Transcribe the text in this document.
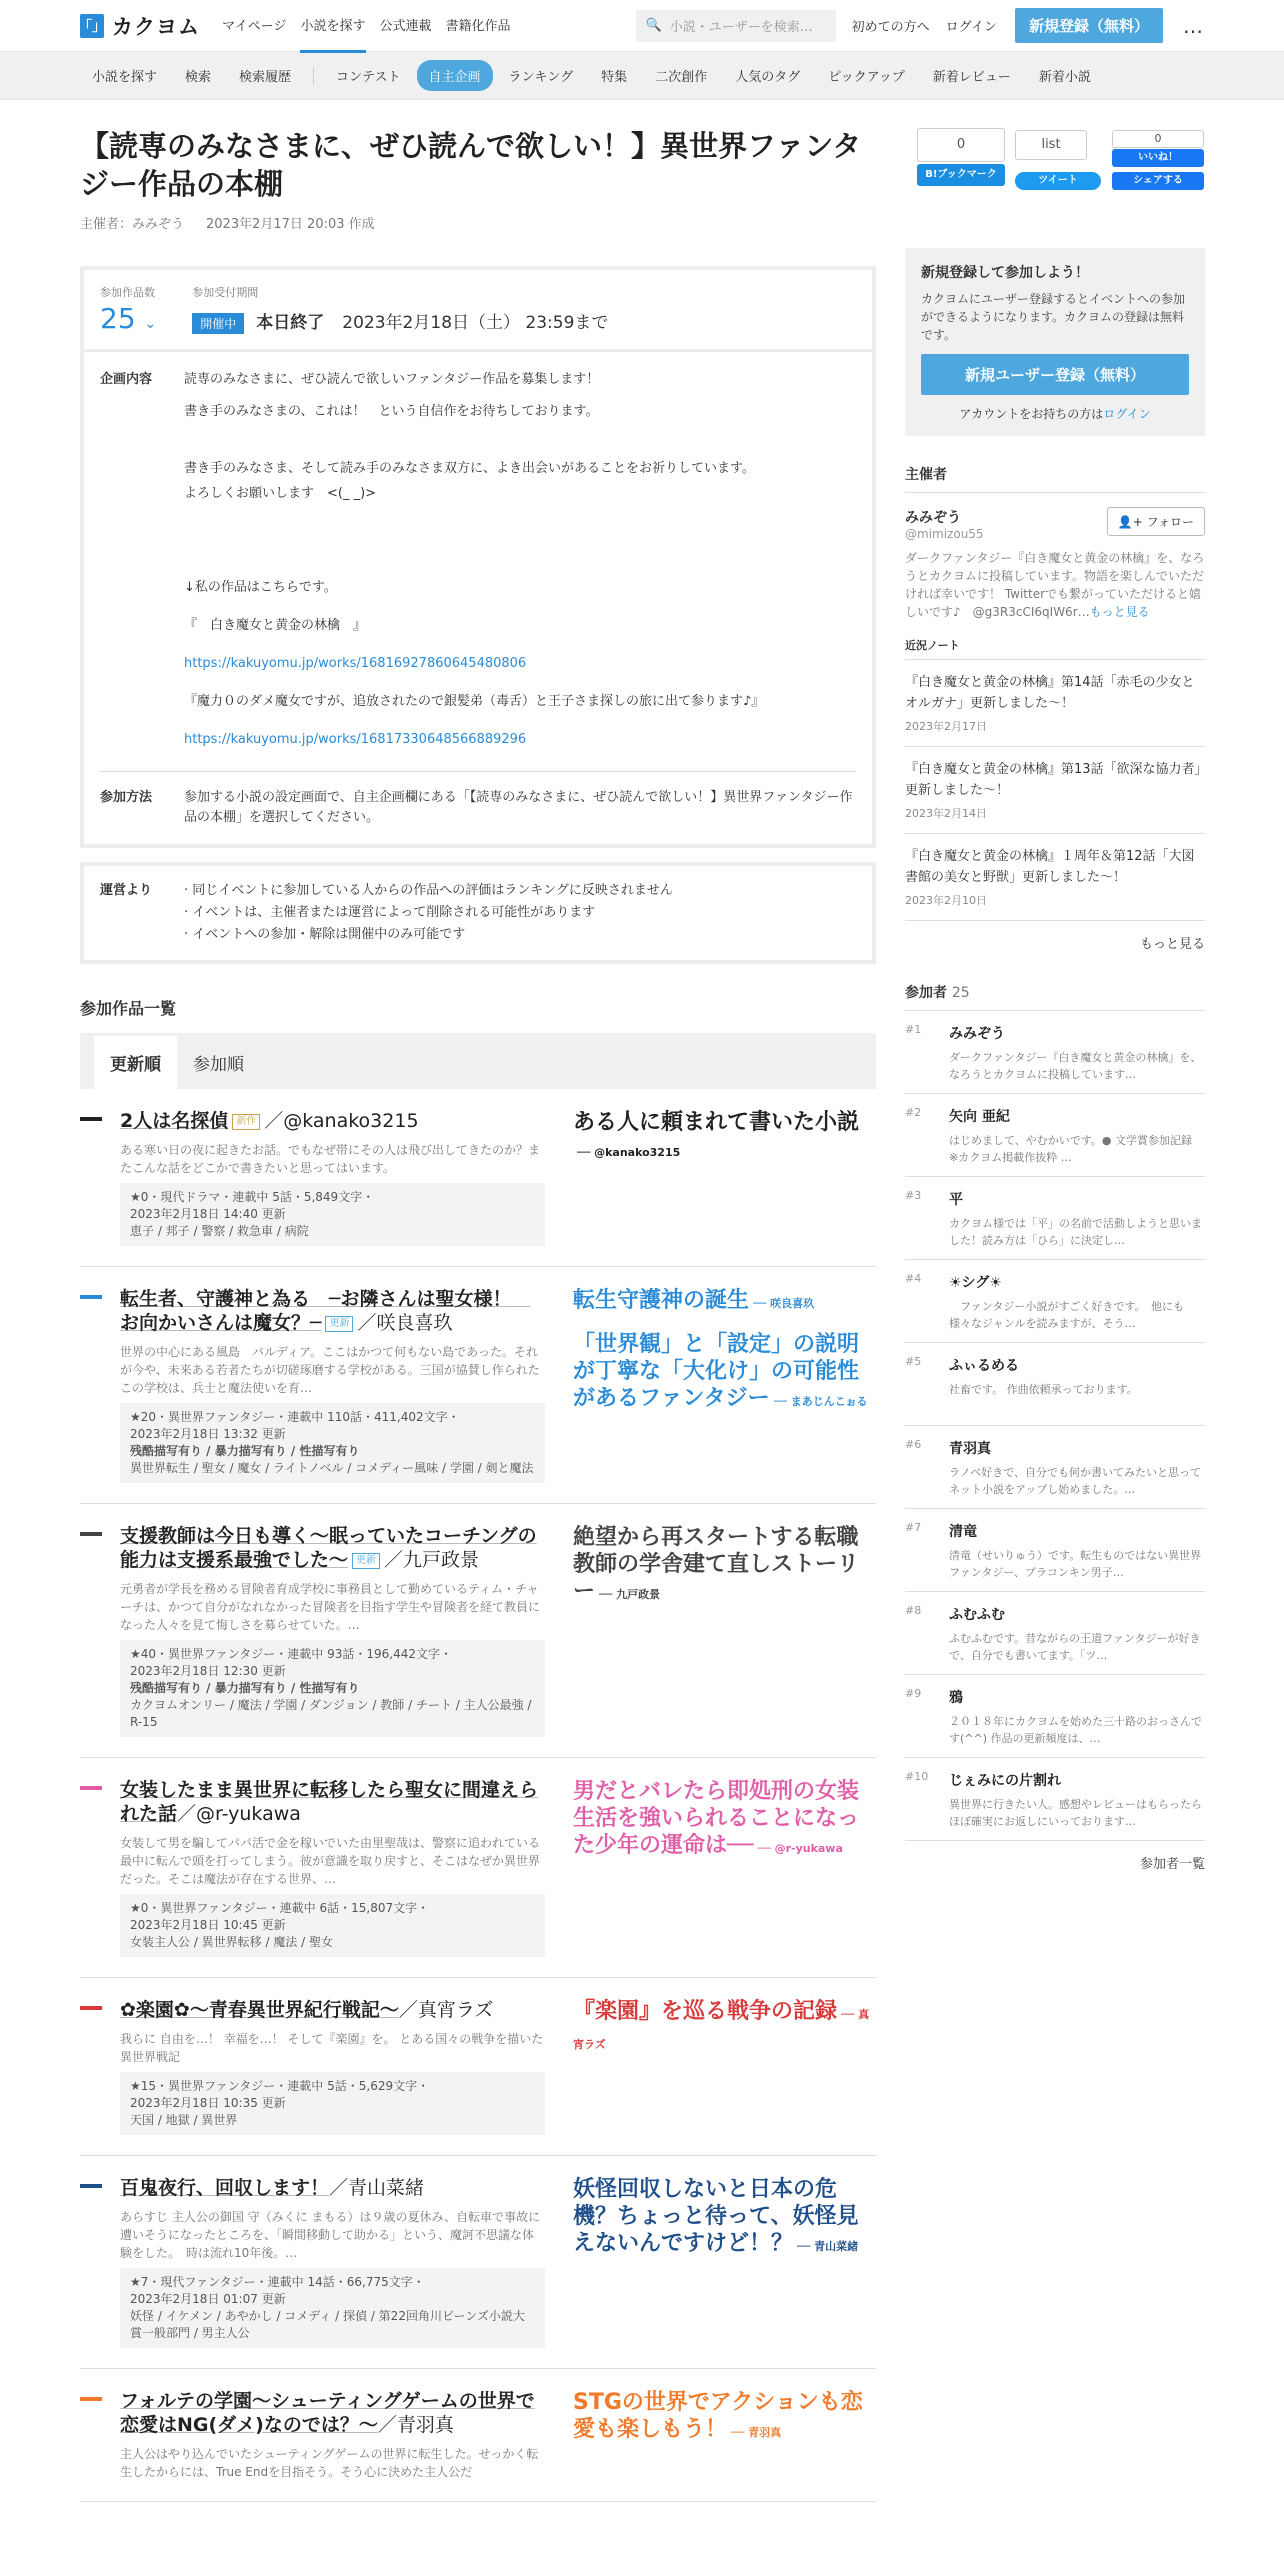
「」 カクヨム マイページ 小説を探す 公式連載 書籍化作品	🔍 小説・ユーザーを検索…	初めての方へ ログイン	新規登録（無料）	…
小説を探す	検索	検索履歴	コンテスト	自主企画	ランキング	特集	二次創作	人気のタグ	ピックアップ	新着レビュー	新着小説
0
B!ブックマーク
list
ツイート
0
いいね！
シェアする
【読専のみなさまに、ぜひ読んで欲しい！】異世界ファンタジー作品の本棚
主催者：みみぞう 2023年2月17日 20:03 作成
参加作品数
25 ⌄
参加受付期間
開催中 本日終了 2023年2月18日（土） 23:59まで
企画内容	読専のみなさまに、ぜひ読んで欲しいファンタジー作品を募集します！

書き手のみなさまの、これは！　という自信作をお待ちしております。

書き手のみなさま、そして読み手のみなさま双方に、よき出会いがあることをお祈りしています。

よろしくお願いします　<(_ _)>

↓私の作品はこちらです。

『　白き魔女と黄金の林檎　』

https://kakuyomu.jp/works/16816927860645480806

『魔力０のダメ魔女ですが、追放されたので銀髪弟（毒舌）と王子さま探しの旅に出て参ります♪』

https://kakuyomu.jp/works/16817330648566889296

参加方法	参加する小説の設定画面で、自主企画欄にある「【読専のみなさまに、ぜひ読んで欲しい！】異世界ファンタジー作品の本棚」を選択してください。
運営より	· 同じイベントに参加している人からの作品への評価はランキングに反映されません
· イベントは、主催者または運営によって削除される可能性があります
· イベントへの参加・解除は開催中のみ可能です
参加作品一覧
更新順	参加順
2人は名探偵 新作 ／@kanako3215
ある寒い日の夜に起きたお話。でもなぜ帯にその人は飛び出してきたのか？またこんな話をどこかで書きたいと思ってはいます。
★0・現代ドラマ・連載中 5話・5,849文字・
2023年2月18日 14:40 更新
恵子 / 邦子 / 警察 / 救急車 / 病院
ある人に頼まれて書いた小説── @kanako3215
転生者、守護神と為る　─お隣さんは聖女様！　お向かいさんは魔女？─ 更新 ／咲良喜玖
世界の中心にある風島　バルディア。ここはかつて何もない島であった。それが今や、未来ある若者たちが切磋琢磨する学校がある。三国が協賛し作られたこの学校は、兵士と魔法使いを育…
★20・異世界ファンタジー・連載中 110話・411,402文字・
2023年2月18日 13:32 更新
残酷描写有り / 暴力描写有り / 性描写有り
異世界転生 / 聖女 / 魔女 / ライトノベル / コメディー風味 / 学園 / 剣と魔法
転生守護神の誕生 ── 咲良喜玖
「世界観」と「設定」の説明が丁寧な「大化け」の可能性があるファンタジー ── まあじんこぉる
支援教師は今日も導く～眠っていたコーチングの能力は支援系最強でした～ 更新 ／九戸政景
元勇者が学長を務める冒険者育成学校に事務員として勤めているティム・チャーチは、かつて自分がなれなかった冒険者を目指す学生や冒険者を経て教員になった人々を見て悔しさを募らせていた。…
★40・異世界ファンタジー・連載中 93話・196,442文字・
2023年2月18日 12:30 更新
残酷描写有り / 暴力描写有り / 性描写有り
カクヨムオンリー / 魔法 / 学園 / ダンジョン / 教師 / チート / 主人公最強 / R-15
絶望から再スタートする転職教師の学舎建て直しストーリー ── 九戸政景
女装したまま異世界に転移したら聖女に間違えられた話／@r-yukawa
女装して男を騙してパパ活で金を稼いでいた由里聖哉は、警察に追われている最中に転んで頭を打ってしまう。彼が意識を取り戻すと、そこはなぜか異世界だった。そこは魔法が存在する世界、…
★0・異世界ファンタジー・連載中 6話・15,807文字・
2023年2月18日 10:45 更新
女装主人公 / 異世界転移 / 魔法 / 聖女
男だとバレたら即処刑の女装生活を強いられることになった少年の運命は── ── @r-yukawa
✿楽園✿～青春異世界紀行戦記～／真宵ラズ
我らに 自由を…！ 幸福を…！ そして『楽園』を。 とある国々の戦争を描いた異世界戦記
★15・異世界ファンタジー・連載中 5話・5,629文字・
2023年2月18日 10:35 更新
天国 / 地獄 / 異世界
『楽園』を巡る戦争の記録 ── 真宵ラズ
百鬼夜行、回収します！／青山菜緒
あらすじ 主人公の御国 守（みくに まもる）は９歳の夏休み、自転車で事故に遭いそうになったところを、「瞬間移動して助かる」という、魔訶不思議な体験をした。　時は流れ10年後。…
★7・現代ファンタジー・連載中 14話・66,775文字・
2023年2月18日 01:07 更新
妖怪 / イケメン / あやかし / コメディ / 探偵 / 第22回角川ビーンズ小説大賞一般部門 / 男主人公
妖怪回収しないと日本の危機？ちょっと待って、妖怪見えないんですけど！？ ── 青山菜緒
フォルテの学園～シューティングゲームの世界で恋愛はNG(ダメ)なのでは？～／青羽真
主人公はやり込んでいたシューティングゲームの世界に転生した。せっかく転生したからには、True Endを目指そう。そう心に決めた主人公だ
STGの世界でアクションも恋愛も楽しもう！ ── 青羽真
新規登録して参加しよう！

カクヨムにユーザー登録するとイベントへの参加ができるようになります。カクヨムの登録は無料です。

新規ユーザー登録（無料）
アカウントをお持ちの方はログイン
主催者
みみぞう
@mimizou55
👤+ フォロー
ダークファンタジー『白き魔女と黄金の林檎』を、なろうとカクヨムに投稿しています。物語を楽しんでいただければ幸いです！ Twitterでも繋がっていただけると嬉しいです♪　@g3R3cCI6qIW6r…もっと見る
近況ノート
『白き魔女と黄金の林檎』第14話「赤毛の少女とオルガナ」更新しました～！
2023年2月17日
『白き魔女と黄金の林檎』第13話「欲深な協力者」更新しました～！
2023年2月14日
『白き魔女と黄金の林檎』１周年＆第12話「大図書館の美女と野獣」更新しました～！
2023年2月10日
もっと見る
参加者 25
#1	みみぞう
ダークファンタジー『白き魔女と黄金の林檎』を、なろうとカクヨムに投稿しています…
#2	矢向 亜紀
はじめまして、やむかいです。● 文学賞参加記録　※カクヨム掲載作抜粋 …
#3	平
カクヨム様では「平」の名前で活動しようと思いました！読み方は「ひら」に決定し…
#4	☀シグ☀
　ファンタジー小説がすごく好きです。　他にも様々なジャンルを読みますが、そう…
#5	ふぃるめる
社畜です。 作曲依頼承っております。
#6	青羽真
ラノベ好きで、自分でも何か書いてみたいと思ってネット小説をアップし始めました。…
#7	清竜
清竜（せいりゅう）です。転生ものではない異世界ファンタジー、ブラコンキン男子…
#8	ふむふむ
ふむふむです。昔ながらの王道ファンタジーが好きで、自分でも書いてます。「ツ…
#9	鴉
２０１８年にカクヨムを始めた三十路のおっさんです(^^) 作品の更新頻度は、…
#10	じぇみにの片割れ
異世界に行きたい人。感想やレビューはもらったらほぼ確実にお返しにいっております…
参加者一覧
